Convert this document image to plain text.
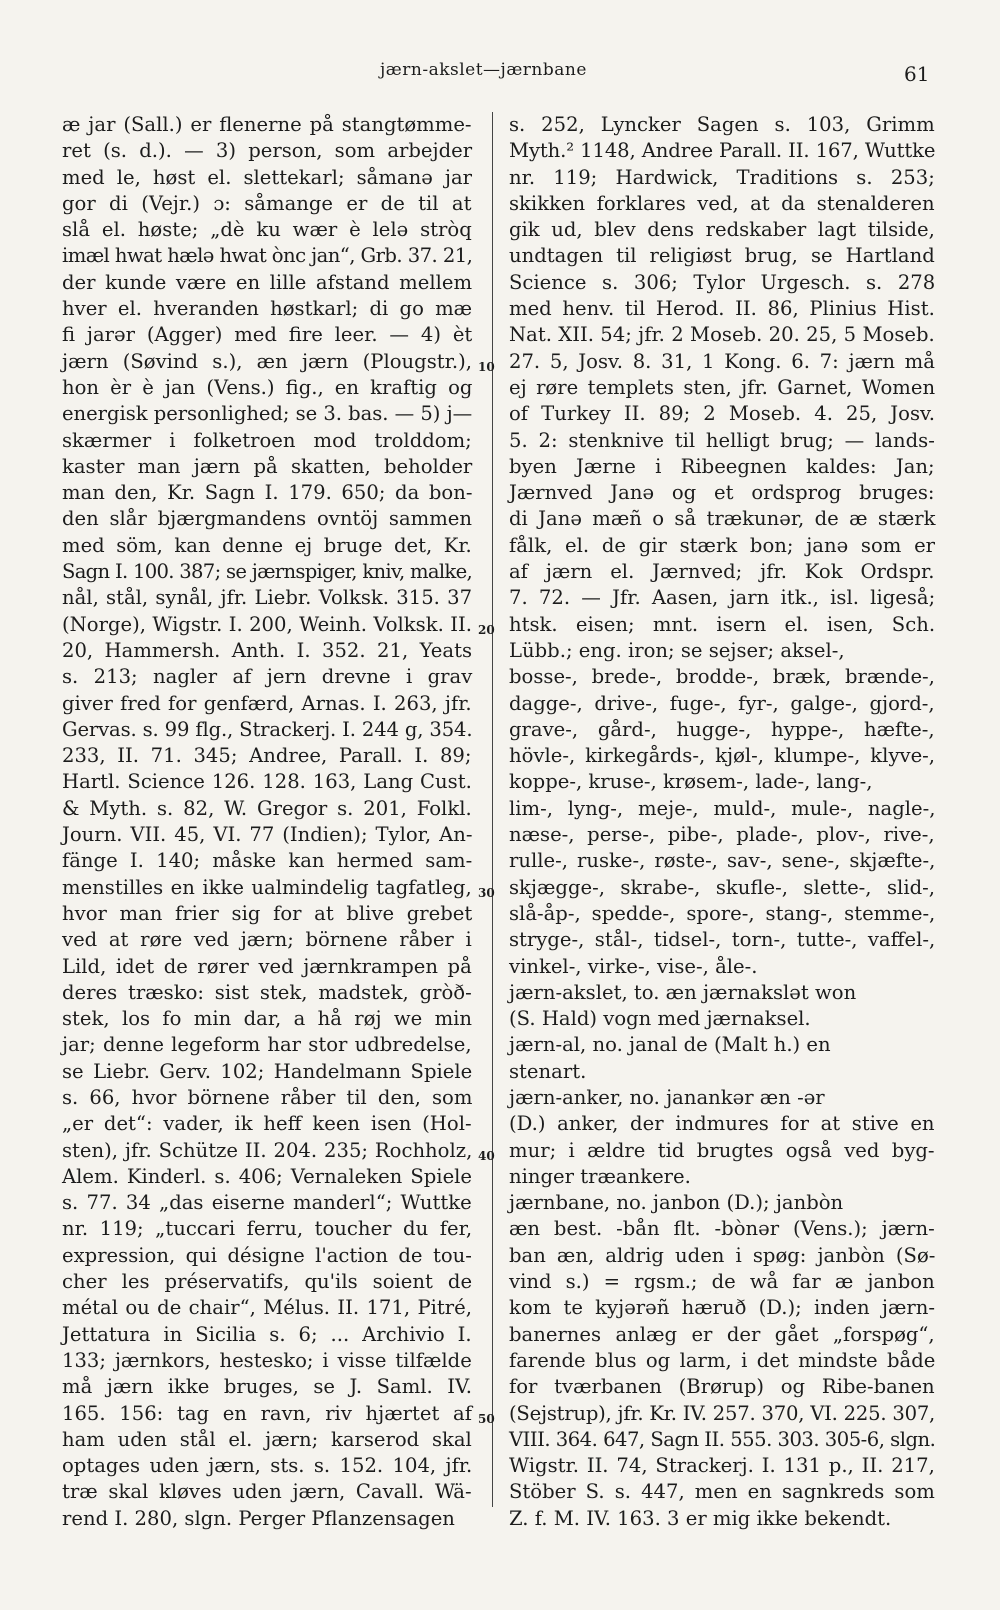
jærn-akslet—jærnbane	61
æ jar (Sall.) er flenerne på stangtømme-
ret (s. d.). — 3) person, som arbejder
med le, høst el. slettekarl; såmanə jar
gor di (Vejr.) ɔ: såmange er de til at
slå el. høste; „dè ku wær è lelə stròq
imæl hwat hælə hwat ònc jan“, Grb. 37. 21,
der kunde være en lille afstand mellem
hver el. hveranden høstkarl; di go mæ
fi jarər (Agger) med fire leer. — 4) èt
jærn (Søvind s.), æn jærn (Plougstr.),
hon èr è jan (Vens.) fig., en kraftig og
energisk personlighed; se 3. bas. — 5) j—
skærmer i folketroen mod trolddom;
kaster man jærn på skatten, beholder
man den, Kr. Sagn I. 179. 650; da bon-
den slår bjærgmandens ovntöj sammen
med söm, kan denne ej bruge det, Kr.
Sagn I. 100. 387; se jærnspiger, kniv, malke,
nål, stål, synål, jfr. Liebr. Volksk. 315. 37
(Norge), Wigstr. I. 200, Weinh. Volksk. II.
20, Hammersh. Anth. I. 352. 21, Yeats
s. 213; nagler af jern drevne i grav
giver fred for genfærd, Arnas. I. 263, jfr.
Gervas. s. 99 flg., Strackerj. I. 244 g, 354.
233, II. 71. 345; Andree, Parall. I. 89;
Hartl. Science 126. 128. 163, Lang Cust.
& Myth. s. 82, W. Gregor s. 201, Folkl.
Journ. VII. 45, VI. 77 (Indien); Tylor, An-
fänge I. 140; måske kan hermed sam-
menstilles en ikke ualmindelig tagfatleg,
hvor man frier sig for at blive grebet
ved at røre ved jærn; börnene råber i
Lild, idet de rører ved jærnkrampen på
deres træsko: sist stek, madstek, gròð-
stek, los fo min dar, a hå røj we min
jar; denne legeform har stor udbredelse,
se Liebr. Gerv. 102; Handelmann Spiele
s. 66, hvor börnene råber til den, som
„er det“: vader, ik heff keen isen (Hol-
sten), jfr. Schütze II. 204. 235; Rochholz,
Alem. Kinderl. s. 406; Vernaleken Spiele
s. 77. 34 „das eiserne manderl“; Wuttke
nr. 119; „tuccari ferru, toucher du fer,
expression, qui désigne l'action de tou-
cher les préservatifs, qu'ils soient de
métal ou de chair“, Mélus. II. 171, Pitré,
Jettatura in Sicilia s. 6; ... Archivio I.
133; jærnkors, hestesko; i visse tilfælde
må jærn ikke bruges, se J. Saml. IV.
165. 156: tag en ravn, riv hjærtet af
ham uden stål el. jærn; karserod skal
optages uden jærn, sts. s. 152. 104, jfr.
træ skal kløves uden jærn, Cavall. Wä-
rend I. 280, slgn. Perger Pflanzensagen
s. 252, Lyncker Sagen s. 103, Grimm
Myth.² 1148, Andree Parall. II. 167, Wuttke
nr. 119; Hardwick, Traditions s. 253;
skikken forklares ved, at da stenalderen
gik ud, blev dens redskaber lagt tilside,
undtagen til religiøst brug, se Hartland
Science s. 306; Tylor Urgesch. s. 278
med henv. til Herod. II. 86, Plinius Hist.
Nat. XII. 54; jfr. 2 Moseb. 20. 25, 5 Moseb.
27. 5, Josv. 8. 31, 1 Kong. 6. 7: jærn må
ej røre templets sten, jfr. Garnet, Women
of Turkey II. 89; 2 Moseb. 4. 25, Josv.
5. 2: stenknive til helligt brug; — lands-
byen Jærne i Ribeegnen kaldes: Jan;
Jærnved Janə og et ordsprog bruges:
di Janə mæñ o så trækunər, de æ stærk
fålk, el. de gir stærk bon; janə som er
af jærn el. Jærnved; jfr. Kok Ordspr.
7. 72. — Jfr. Aasen, jarn itk., isl. ligeså;
htsk. eisen; mnt. isern el. isen, Sch.
Lübb.; eng. iron; se sejser; aksel-,
bosse-, brede-, brodde-, bræk, brænde-,
dagge-, drive-, fuge-, fyr-, galge-, gjord-,
grave-, gård-, hugge-, hyppe-, hæfte-,
hövle-, kirkegårds-, kjøl-, klumpe-, klyve-,
koppe-, kruse-, krøsem-, lade-, lang-,
lim-, lyng-, meje-, muld-, mule-, nagle-,
næse-, perse-, pibe-, plade-, plov-, rive-,
rulle-, ruske-, røste-, sav-, sene-, skjæfte-,
skjægge-, skrabe-, skufle-, slette-, slid-,
slå-åp-, spedde-, spore-, stang-, stemme-,
stryge-, stål-, tidsel-, torn-, tutte-, vaffel-,
vinkel-, virke-, vise-, åle-.
jærn-akslet, to. æn jærnakslət won
(S. Hald) vogn med jærnaksel.
jærn-al, no. janal de (Malt h.) en
stenart.
jærn-anker, no. janankər æn -ər
(D.) anker, der indmures for at stive en
mur; i ældre tid brugtes også ved byg-
ninger træankere.
jærnbane, no. janbon (D.); janbòn
æn best. -bån flt. -bònər (Vens.); jærn-
ban æn, aldrig uden i spøg: janbòn (Sø-
vind s.) = rgsm.; de wå far æ janbon
kom te kyjərəñ hæruð (D.); inden jærn-
banernes anlæg er der gået „forspøg“,
farende blus og larm, i det mindste både
for tværbanen (Brørup) og Ribe-banen
(Sejstrup), jfr. Kr. IV. 257. 370, VI. 225. 307,
VIII. 364. 647, Sagn II. 555. 303. 305-6, slgn.
Wigstr. II. 74, Strackerj. I. 131 p., II. 217,
Stöber S. s. 447, men en sagnkreds som
Z. f. M. IV. 163. 3 er mig ikke bekendt.
10
20
30
40
50
